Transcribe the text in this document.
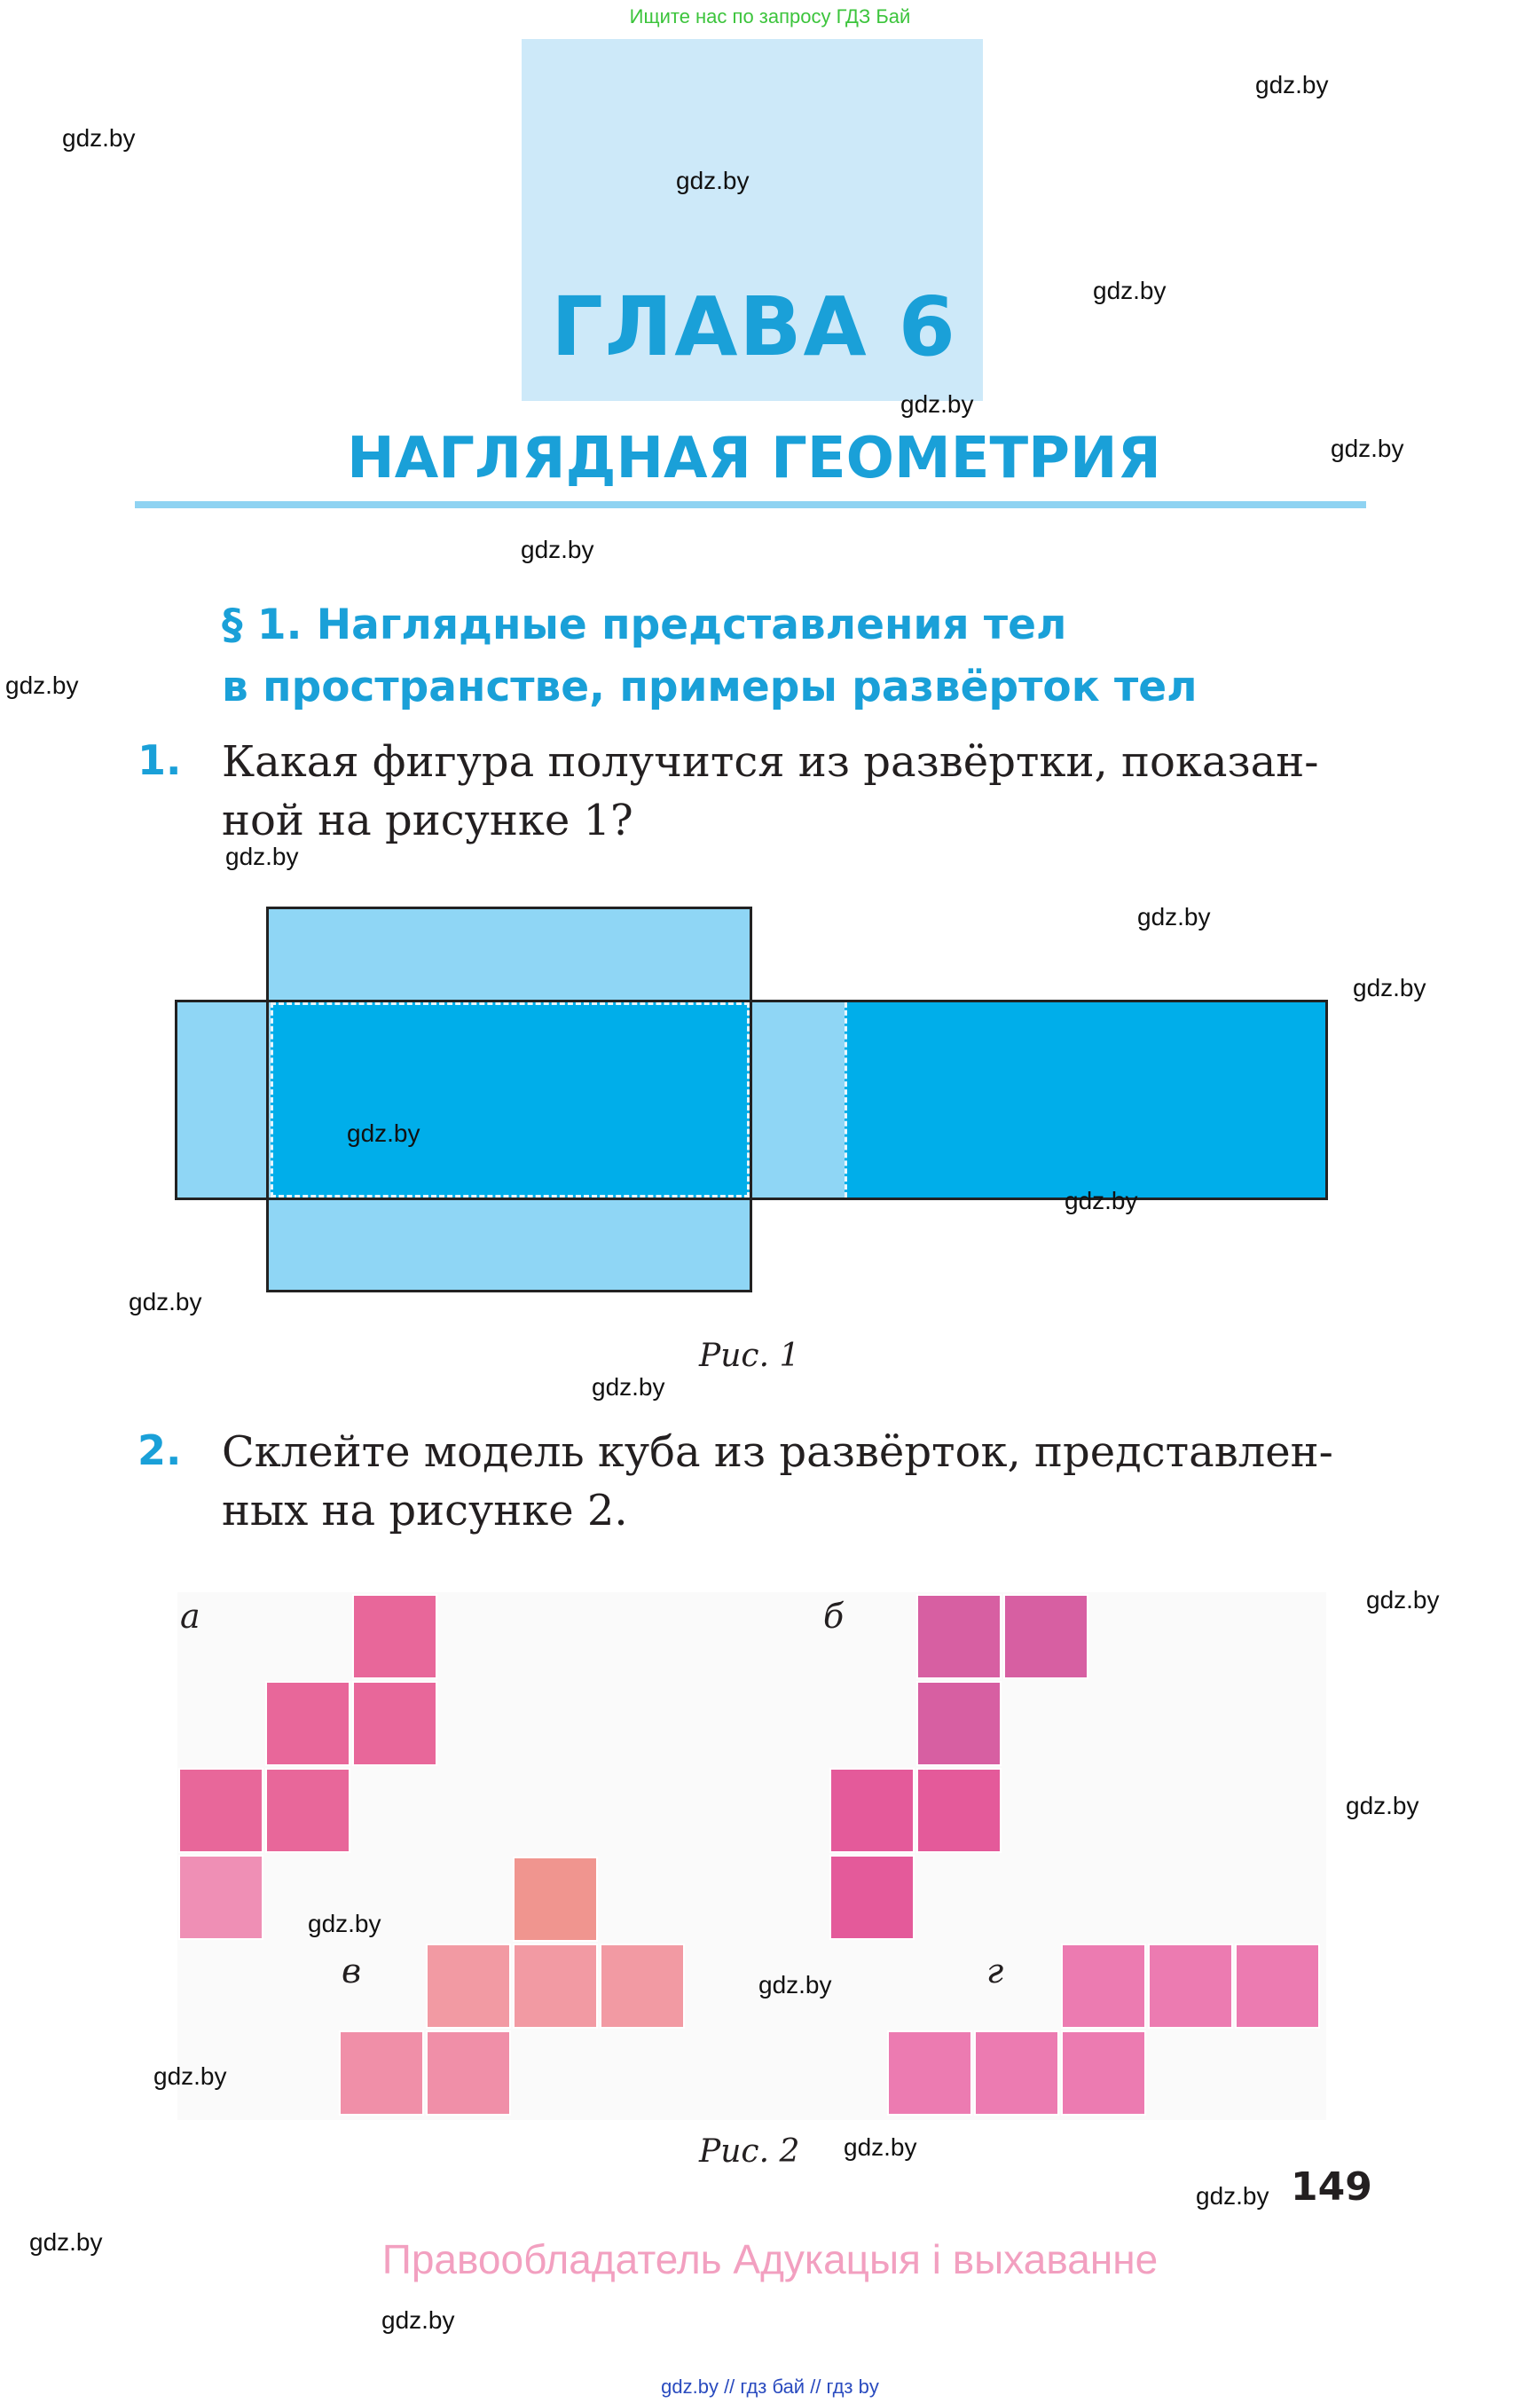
Ищите нас по запросу ГДЗ Бай
ГЛАВА 6
НАГЛЯДНАЯ ГЕОМЕТРИЯ
§ 1. Наглядные представления тел
в пространстве, примеры развёрток тел
1. Какая фигура получится из развёртки, показан-
ной на рисунке 1?
Рис. 1
2. Склейте модель куба из развёрток, представлен-
ных на рисунке 2.
а	б
в	г
Рис. 2
149
Правообладатель Адукацыя і выхаванне
gdz.by // гдз бай // гдз by
gdz.by
gdz.by
gdz.by
gdz.by
gdz.by
gdz.by
gdz.by
gdz.by
gdz.by
gdz.by
gdz.by
gdz.by
gdz.by
gdz.by
gdz.by
gdz.by
gdz.by
gdz.by
gdz.by
gdz.by
gdz.by
gdz.by
gdz.by
gdz.by
